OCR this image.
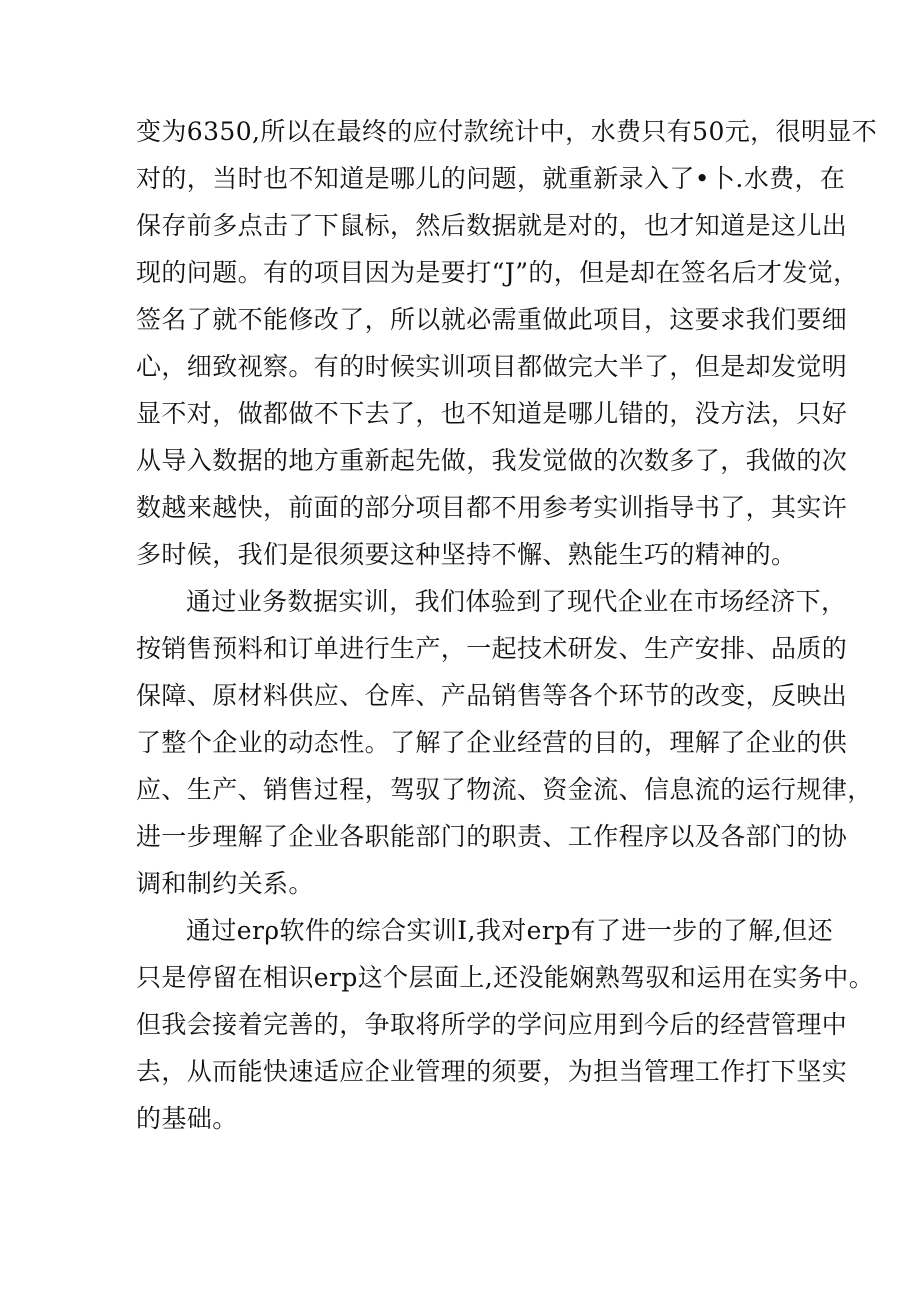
变为6350,所以在最终的应付款统计中，水费只有50元，很明显不
对的，当时也不知道是哪儿的问题，就重新录入了•卜.水费，在
保存前多点击了下鼠标，然后数据就是对的，也才知道是这儿出
现的问题。有的项目因为是要打“J”的，但是却在签名后才发觉，
签名了就不能修改了，所以就必需重做此项目，这要求我们要细
心，细致视察。有的时候实训项目都做完大半了，但是却发觉明
显不对，做都做不下去了，也不知道是哪儿错的，没方法，只好
从导入数据的地方重新起先做，我发觉做的次数多了，我做的次
数越来越快，前面的部分项目都不用参考实训指导书了，其实许
多时候，我们是很须要这种坚持不懈、熟能生巧的精神的。
通过业务数据实训，我们体验到了现代企业在市场经济下，
按销售预料和订单进行生产，一起技术研发、生产安排、品质的
保障、原材料供应、仓库、产品销售等各个环节的改变，反映出
了整个企业的动态性。了解了企业经营的目的，理解了企业的供
应、生产、销售过程，驾驭了物流、资金流、信息流的运行规律，
进一步理解了企业各职能部门的职责、工作程序以及各部门的协
调和制约关系。
通过erρ软件的综合实训I,我对erp有了进一步的了解,但还
只是停留在相识erp这个层面上,还没能娴熟驾驭和运用在实务中。
但我会接着完善的，争取将所学的学问应用到今后的经营管理中
去，从而能快速适应企业管理的须要，为担当管理工作打下坚实
的基础。
